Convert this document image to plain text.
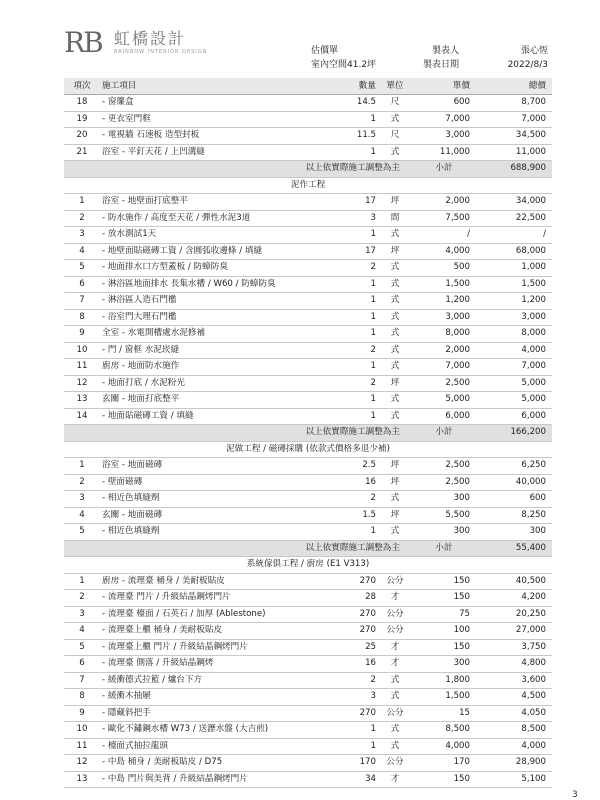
RB 虹橋設計
RAINBOW INTERIOR DESIGN	估價單	製表人	張心恆
室內空間41.2坪	製表日期	2022/8/3
項次	施工項目	數量	單位	單價	總價
18	- 窗簾盒	14.5	尺	600	8,700
19	- 更衣室門框	1	式	7,000	7,000
20	- 電視牆 石速板 造型封板	11.5	尺	3,000	34,500
21	浴室 - 平釘天花 / 上凹溝縫	1	式	11,000	11,000
以上依實際施工調整為主				小計	688,900
泥作工程					
1	浴室 - 地壁面打底整平	17	坪	2,000	34,000
2	- 防水施作 / 高度至天花 / 彈性水泥3道	3	間	7,500	22,500
3	- 放水測試1天	1	式	/	/
4	- 地壁面貼磁磚工資 / 含圓弧收邊條 / 填縫	17	坪	4,000	68,000
5	- 地面排水口方型蓋板 / 防蟑防臭	2	式	500	1,000
6	- 淋浴區地面排水 長集水槽 / W60 / 防蟑防臭	1	式	1,500	1,500
7	- 淋浴區人造石門檻	1	式	1,200	1,200
8	- 浴室門大理石門檻	1	式	3,000	3,000
9	全室 - 水電開槽處水泥修補	1	式	8,000	8,000
10	- 門 / 窗框 水泥崁縫	2	式	2,000	4,000
11	廚房 - 地面防水施作	1	式	7,000	7,000
12	- 地面打底 / 水泥粉光	2	坪	2,500	5,000
13	玄關 - 地面打底整平	1	式	5,000	5,000
14	- 地面貼磁磚工資 / 填縫	1	式	6,000	6,000
以上依實際施工調整為主				小計	166,200
泥做工程 / 磁磚採購 (依款式價格多退少補)					
1	浴室 - 地面磁磚	2.5	坪	2,500	6,250
2	- 壁面磁磚	16	坪	2,500	40,000
3	- 相近色填縫劑	2	式	300	600
4	玄關 - 地面磁磚	1.5	坪	5,500	8,250
5	- 相近色填縫劑	1	式	300	300
以上依實際施工調整為主				小計	55,400
系統傢俱工程 / 廚房 (E1 V313)					
1	廚房 - 流理臺 桶身 / 美耐板貼皮	270	公分	150	40,500
2	- 流理臺 門片 / 升級結晶鋼烤門片	28	才	150	4,200
3	- 流理臺 檯面 / 石英石 / 加厚 (Ablestone)	270	公分	75	20,250
4	- 流理臺上櫃 桶身 / 美耐板貼皮	270	公分	100	27,000
5	- 流理臺上櫃 門片 / 升級結晶鋼烤門片	25	才	150	3,750
6	- 流理臺 側落 / 升級結晶鋼烤	16	才	300	4,800
7	- 緩衝德式拉籃 / 爐台下方	2	式	1,800	3,600
8	- 緩衝木抽屜	3	式	1,500	4,500
9	- 隱藏斜把手	270	公分	15	4,050
10	- 歐化不鏽鋼水槽 W73 / 送瀝水盤 (大吉煎)	1	式	8,500	8,500
11	- 檯面式抽拉龍頭	1	式	4,000	4,000
12	- 中島 桶身 / 美耐板貼皮 / D75	170	公分	170	28,900
13	- 中島 門片與美背 / 升級結晶鋼烤門片	34	才	150	5,100
3
